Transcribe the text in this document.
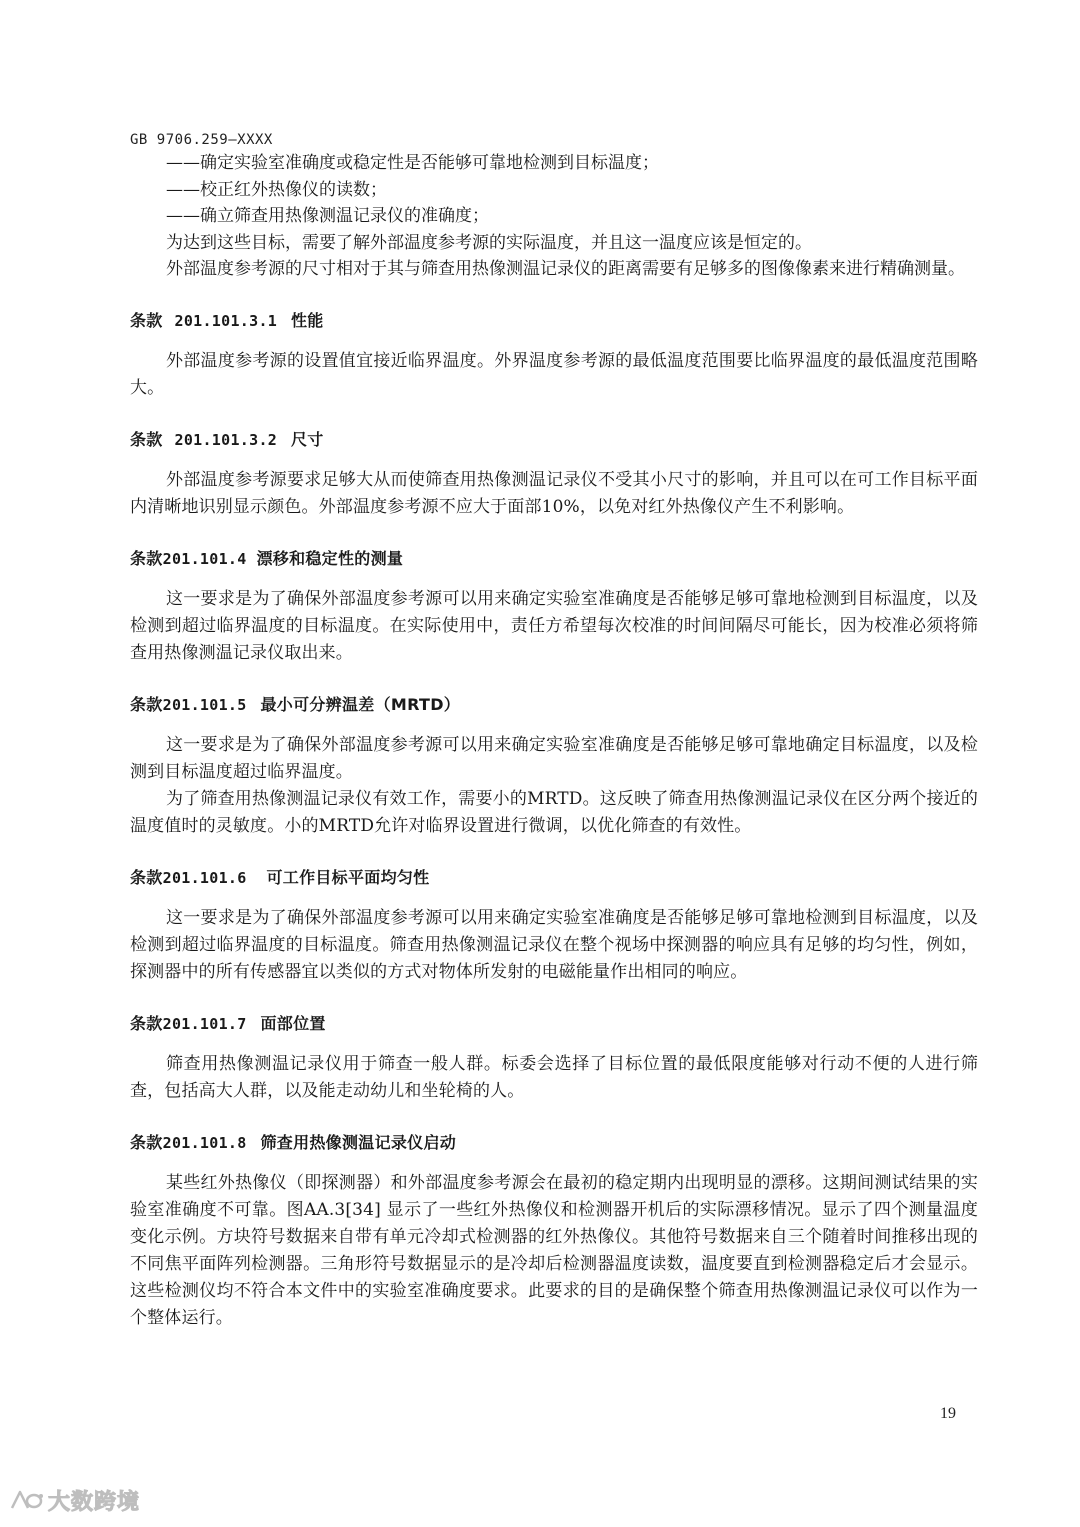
GB 9706.259—XXXX

——确定实验室准确度或稳定性是否能够可靠地检测到目标温度；

——校正红外热像仪的读数；

——确立筛查用热像测温记录仪的准确度；

为达到这些目标，需要了解外部温度参考源的实际温度，并且这一温度应该是恒定的。

外部温度参考源的尺寸相对于其与筛查用热像测温记录仪的距离需要有足够多的图像像素来进行精确测量。

条款 201.101.3.1 性能

外部温度参考源的设置值宜接近临界温度。外界温度参考源的最低温度范围要比临界温度的最低温度范围略大。

条款 201.101.3.2 尺寸

外部温度参考源要求足够大从而使筛查用热像测温记录仪不受其小尺寸的影响，并且可以在可工作目标平面内清晰地识别显示颜色。外部温度参考源不应大于面部10%，以免对红外热像仪产生不利影响。

条款201.101.4 漂移和稳定性的测量

这一要求是为了确保外部温度参考源可以用来确定实验室准确度是否能够足够可靠地检测到目标温度，以及检测到超过临界温度的目标温度。在实际使用中，责任方希望每次校准的时间间隔尽可能长，因为校准必须将筛查用热像测温记录仪取出来。

条款201.101.5 最小可分辨温差（MRTD）

这一要求是为了确保外部温度参考源可以用来确定实验室准确度是否能够足够可靠地确定目标温度，以及检测到目标温度超过临界温度。

为了筛查用热像测温记录仪有效工作，需要小的MRTD。这反映了筛查用热像测温记录仪在区分两个接近的温度值时的灵敏度。小的MRTD允许对临界设置进行微调，以优化筛查的有效性。

条款201.101.6 可工作目标平面均匀性

这一要求是为了确保外部温度参考源可以用来确定实验室准确度是否能够足够可靠地检测到目标温度，以及检测到超过临界温度的目标温度。筛查用热像测温记录仪在整个视场中探测器的响应具有足够的均匀性，例如，探测器中的所有传感器宜以类似的方式对物体所发射的电磁能量作出相同的响应。

条款201.101.7 面部位置

筛查用热像测温记录仪用于筛查一般人群。标委会选择了目标位置的最低限度能够对行动不便的人进行筛查，包括高大人群，以及能走动幼儿和坐轮椅的人。

条款201.101.8 筛查用热像测温记录仪启动

某些红外热像仪（即探测器）和外部温度参考源会在最初的稳定期内出现明显的漂移。这期间测试结果的实验室准确度不可靠。图AA.3[34] 显示了一些红外热像仪和检测器开机后的实际漂移情况。显示了四个测量温度变化示例。方块符号数据来自带有单元冷却式检测器的红外热像仪。其他符号数据来自三个随着时间推移出现的不同焦平面阵列检测器。三角形符号数据显示的是冷却后检测器温度读数，温度要直到检测器稳定后才会显示。这些检测仪均不符合本文件中的实验室准确度要求。此要求的目的是确保整个筛查用热像测温记录仪可以作为一个整体运行。

19
大数跨境
